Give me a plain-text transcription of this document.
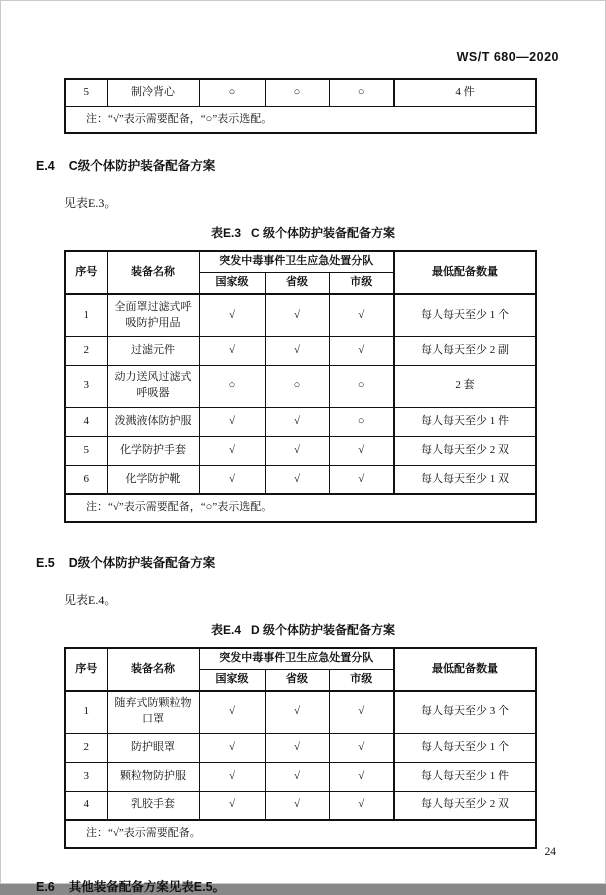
WS/T 680—2020
5	制冷背心	○	○	○	4 件
注：“√”表示需要配备，“○”表示选配。
E.4 C级个体防护装备配备方案
见表E.3。
表E.3 C 级个体防护装备配备方案
序号	装备名称	突发中毒事件卫生应急处置分队			最低配备数量
		国家级	省级	市级	
1	全面罩过滤式呼吸防护用品	√	√	√	每人每天至少 1 个
2	过滤元件	√	√	√	每人每天至少 2 副
3	动力送风过滤式呼吸器	○	○	○	2 套
4	泼溅液体防护服	√	√	○	每人每天至少 1 件
5	化学防护手套	√	√	√	每人每天至少 2 双
6	化学防护靴	√	√	√	每人每天至少 1 双
注：“√”表示需要配备，“○”表示选配。					
E.5 D级个体防护装备配备方案
见表E.4。
表E.4 D 级个体防护装备配备方案
序号	装备名称	突发中毒事件卫生应急处置分队			最低配备数量
		国家级	省级	市级	
1	随弃式防颗粒物口罩	√	√	√	每人每天至少 3 个
2	防护眼罩	√	√	√	每人每天至少 1 个
3	颗粒物防护服	√	√	√	每人每天至少 1 件
4	乳胶手套	√	√	√	每人每天至少 2 双
注：“√”表示需要配备。					
E.6 其他装备配备方案见表E.5。
24
